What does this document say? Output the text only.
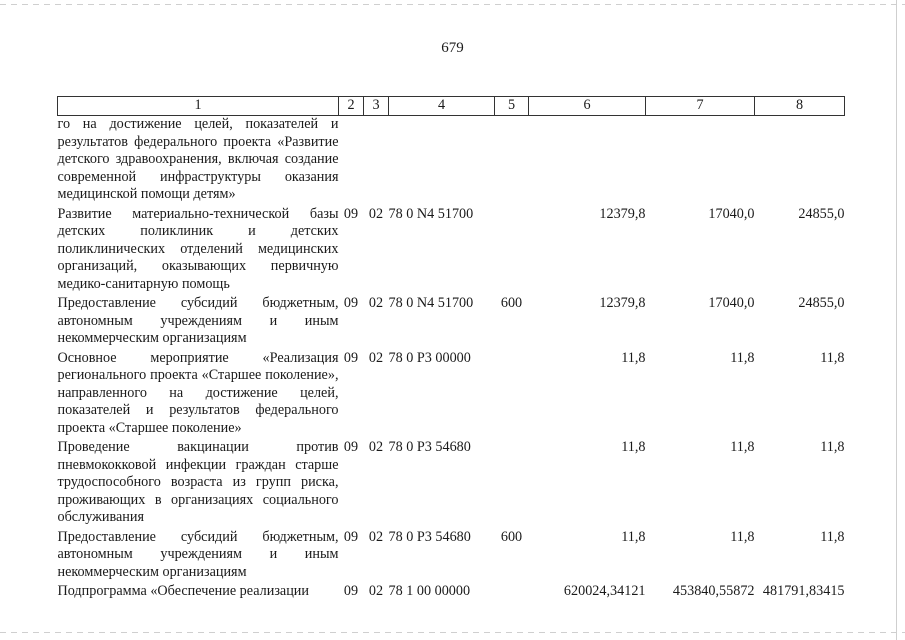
679
1	2	3	4	5	6	7	8
го на достижение целей, показателей и результатов федерального проекта «Развитие детского здравоохранения, включая создание современной инфраструктуры оказания медицинской помощи детям»							
Развитие материально-технической базы детских поликлиник и детских поликлинических отделений медицинских организаций, оказывающих первичную медико-санитарную помощь	09	02	78 0 N4 51700		12379,8	17040,0	24855,0
Предоставление субсидий бюджетным, автономным учреждениям и иным некоммерческим организациям	09	02	78 0 N4 51700	600	12379,8	17040,0	24855,0
Основное мероприятие «Реализация регионального проекта «Старшее поколение», направленного на достижение целей, показателей и результатов федерального проекта «Старшее поколение»	09	02	78 0 P3 00000		11,8	11,8	11,8
Проведение вакцинации против пневмококковой инфекции граждан старше трудоспособного возраста из групп риска, проживающих в организациях социального обслуживания	09	02	78 0 P3 54680		11,8	11,8	11,8
Предоставление субсидий бюджетным, автономным учреждениям и иным некоммерческим организациям	09	02	78 0 P3 54680	600	11,8	11,8	11,8
Подпрограмма «Обеспечение реализации	09	02	78 1 00 00000		620024,34121	453840,55872	481791,83415
